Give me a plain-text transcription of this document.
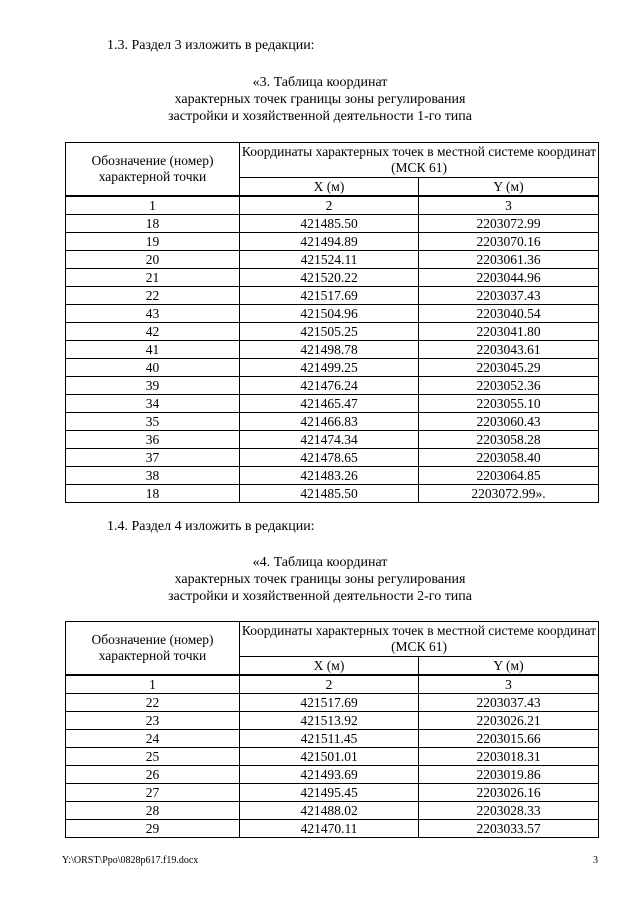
1.3. Раздел 3 изложить в редакции:
«3. Таблица координат
характерных точек границы зоны регулирования
застройки и хозяйственной деятельности 1-го типа
Обозначение (номер) характерной точки	Координаты характерных точек в местной системе координат (МСК 61)	
	X (м)	Y (м)
1	2	3
18	421485.50	2203072.99
19	421494.89	2203070.16
20	421524.11	2203061.36
21	421520.22	2203044.96
22	421517.69	2203037.43
43	421504.96	2203040.54
42	421505.25	2203041.80
41	421498.78	2203043.61
40	421499.25	2203045.29
39	421476.24	2203052.36
34	421465.47	2203055.10
35	421466.83	2203060.43
36	421474.34	2203058.28
37	421478.65	2203058.40
38	421483.26	2203064.85
18	421485.50	2203072.99».
1.4. Раздел 4 изложить в редакции:
«4. Таблица координат
характерных точек границы зоны регулирования
застройки и хозяйственной деятельности 2-го типа
Обозначение (номер) характерной точки	Координаты характерных точек в местной системе координат (МСК 61)	
	X (м)	Y (м)
1	2	3
22	421517.69	2203037.43
23	421513.92	2203026.21
24	421511.45	2203015.66
25	421501.01	2203018.31
26	421493.69	2203019.86
27	421495.45	2203026.16
28	421488.02	2203028.33
29	421470.11	2203033.57
Y:\ORST\Ppo\0828p617.f19.docx	3
